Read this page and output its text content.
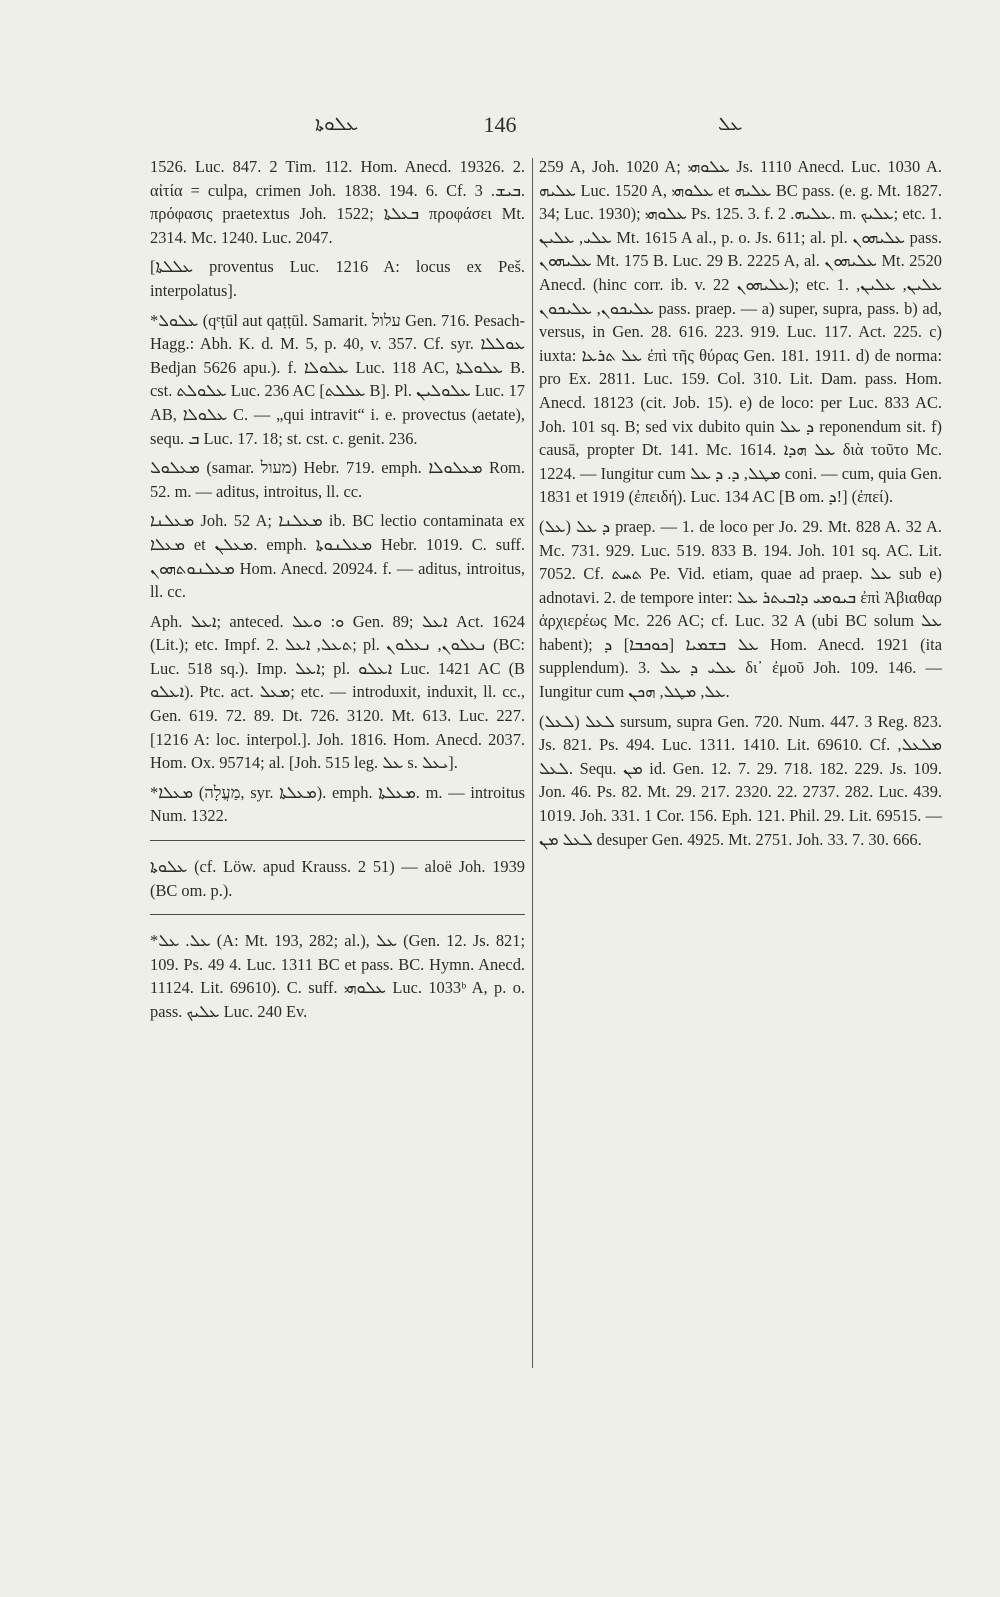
ܥܠܘܬܐ	146	ܥܠ
1526. Luc. 847. 2 Tim. 112. Hom. Anecd. 19326. 2. αἰτία = culpa, crimen Joh. 1838. 194. 6. Cf. ܒܝܫ. 3. πρόφασις praetextus Joh. 1522; ܒܥܠܬܐ προφάσει Mt. 2314. Mc. 1240. Luc. 2047.
[ܥܠܠܬܐ proventus Luc. 1216 A: locus ex Peš. interpolatus].
*ܥܠܘܠ (qᵉṭūl aut qaṭṭūl. Samarit. עלול Gen. 716. Pesach-Hagg.: Abh. K. d. M. 5, p. 40, v. 357. Cf. syr. ܥܘܠܠܐ Bedjan 5626 apu.). f. ܥܠܘܠܐ Luc. 118 AC, ܥܠܘܠܬܐ B. cst. ܥܠܘܠܬ Luc. 236 AC [ܥܠܠܬ B]. Pl. ܥܠܘܠܝܢ Luc. 17 AB, ܥܠܘܠܐ C. — „qui intravit“ i. e. provectus (aetate), sequ. ܒ Luc. 17. 18; st. cst. c. genit. 236.
ܡܥܠܘܠ (samar. מעול) Hebr. 719. emph. ܡܥܠܘܠܐ Rom. 52. m. — aditus, introitus, ll. cc.
ܡܥܠܢܐ Joh. 52 A; ܡܥܠܢܐ ib. BC lectio contaminata ex ܡܥܠܐ et ܡܥܠܢ. emph. ܡܥܠܢܘܬܐ Hebr. 1019. C. suff. ܡܥܠܢܘܬܗܘܢ Hom. Anecd. 20924. f. — aditus, introitus, ll. cc.
Aph. ܐܥܠ; anteced. ܘ: ܘܥܠ Gen. 89; ܐܥܠ Act. 1624 (Lit.); etc. Impf. 2. ܬܥܠ, ܐܥܠ; pl. ܢܥܠܘܢ, ܢܥܠܘܢ (BC: Luc. 518 sq.). Imp. ܐܥܠ; pl. ܐܥܠܘ Luc. 1421 AC (B ܐܥܠܘ). Ptc. act. ܡܥܠ; etc. — introduxit, induxit, ll. cc., Gen. 619. 72. 89. Dt. 726. 3120. Mt. 613. Luc. 227. [1216 A: loc. interpol.]. Joh. 1816. Hom. Anecd. 2037. Hom. Ox. 95714; al. [Joh. 515 leg. ܥܠ s. ܝܥܠ].
*ܡܥܠܐ (מַעֲלָה, syr. ܡܥܠܬܐ). emph. ܡܥܠܬܐ. m. — introitus Num. 1322.
ܥܠܘܬܐ (cf. Löw. apud Krauss. 2 51) — aloë Joh. 1939 (BC om. p.).
*ܥܠ. ܥܠ (A: Mt. 193, 282; al.), ܥܠ (Gen. 12. Js. 821; 109. Ps. 49 4. Luc. 1311 BC et pass. BC. Hymn. Anecd. 11124. Lit. 69610). C. suff. ܥܠܘܗܝ Luc. 1033ᵇ A, p. o. pass. ܥܠܝܟ Luc. 240 Ev.
259 A, Joh. 1020 A; ܥܠܘܗܝ Js. 1110 Anecd. Luc. 1030 A. ܥܠܝܗ Luc. 1520 A, ܥܠܘܗܝ et ܥܠܝܗ BC pass. (e. g. Mt. 1827. 34; Luc. 1930); ܥܠܘܗܝ Ps. 125. 3. f. ܥܠܝܗ. 2. m. ܥܠܝܟ; etc. 1. ܥܠܝ, ܥܠܝܢ Mt. 1615 A al., p. o. Js. 611; al. pl. ܥܠܝܗܘܢ pass. ܥܠܝܗܘܢ Mt. 175 B. Luc. 29 B. 2225 A, al. ܥܠܝܗܘܢ Mt. 2520 Anecd. (hinc corr. ib. v. 22 ܥܠܝܗܘܢ); etc. 1. ܥܠܝܢ, ܥܠܝܢ, ܥܠܝܟܘܢ, ܥܠܝܟܘܢ pass. praep. — a) super, supra, pass. b) ad, versus, in Gen. 28. 616. 223. 919. Luc. 117. Act. 225. c) iuxta: ܥܠ ܬܪܥܐ ἐπὶ τῆς θύρας Gen. 181. 1911. d) de norma: pro Ex. 2811. Luc. 159. Col. 310. Lit. Dam. pass. Hom. Anecd. 18123 (cit. Job. 15). e) de loco: per Luc. 833 AC. Joh. 101 sq. B; sed vix dubito quin ܕ ܥܠ reponendum sit. f) causā, propter Dt. 141. Mc. 1614. ܥܠ ܗܕܐ διὰ τοῦτο Mc. 1224. — Iungitur cum ܡܛܠ, ܕ. ܕ ܥܠ coni. — cum, quia Gen. 1831 et 1919 (ἐπειδή). Luc. 134 AC [B om. ܕ!] (ἐπεί).
ܕ ܥܠ (ܥܠ) praep. — 1. de loco per Jo. 29. Mt. 828 A. 32 A. Mc. 731. 929. Luc. 519. 833 B. 194. Joh. 101 sq. AC. Lit. 7052. Cf. ܬܚܬ Pe. Vid. etiam, quae ad praep. ܥܠ sub e) adnotavi. 2. de tempore inter: ܒܝܘܡܝ ܕܐܒܝܬܪ ܥܠ ἐπὶ Ἀβιαθαρ ἀρχιερέως Mc. 226 AC; cf. Luc. 32 A (ubi BC solum ܥܠ habent); ܥܠ ܒܫܡܝܐ [ܟܘܟܒܐ] ܕ Hom. Anecd. 1921 (ita supplendum). 3. ܥܠܝ ܕ ܥܠ δι᾽ ἐμοῦ Joh. 109. 146. — Iungitur cum ܥܠ, ܡܛܠ, ܗܟܢ.
ܠܥܠ (ܠܥܠ) sursum, supra Gen. 720. Num. 447. 3 Reg. 823. Js. 821. Ps. 494. Luc. 1311. 1410. Lit. 69610. Cf. ܡܠܥܠ, ܠܥܠ. Sequ. ܡܢ id. Gen. 12. 7. 29. 718. 182. 229. Js. 109. Jon. 46. Ps. 82. Mt. 29. 217. 2320. 22. 2737. 282. Luc. 439. 1019. Joh. 331. 1 Cor. 156. Eph. 121. Phil. 29. Lit. 69515. — ܠܥܠ ܡܢ desuper Gen. 4925. Mt. 2751. Joh. 33. 7. 30. 666.
